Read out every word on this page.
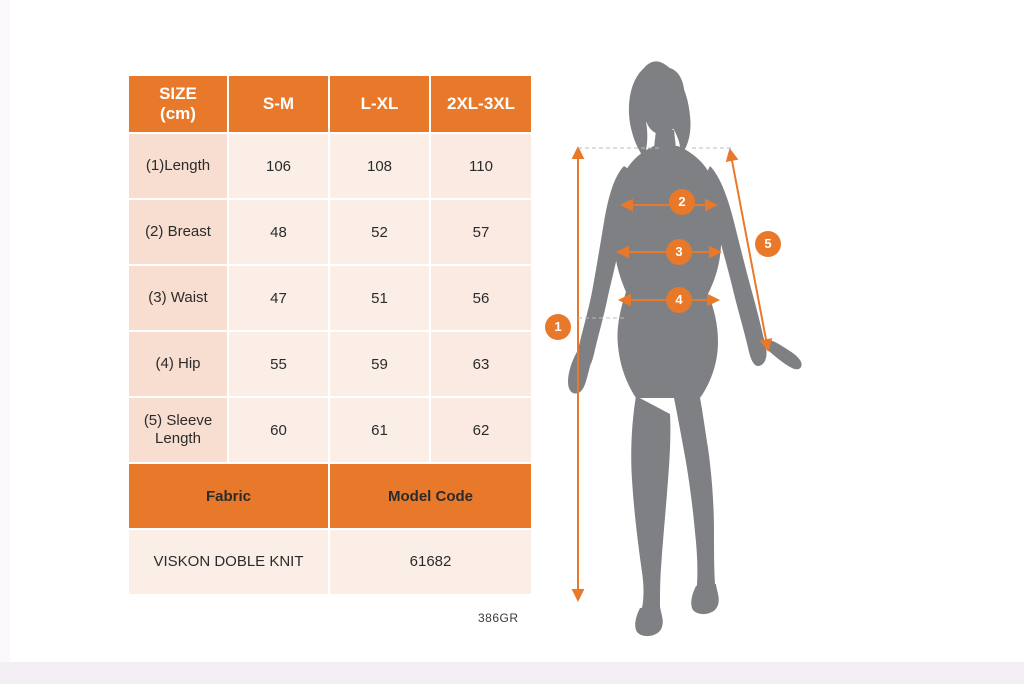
SIZE
(cm)	S-M	L-XL	2XL-3XL
(1)Length	106	108	110
(2) Breast	48	52	57
(3) Waist	47	51	56
(4) Hip	55	59	63
(5) Sleeve Length	60	61	62
Fabric		Model Code	
VISKON DOBLE KNIT		61682	
386GR
1
2
3
4
5
